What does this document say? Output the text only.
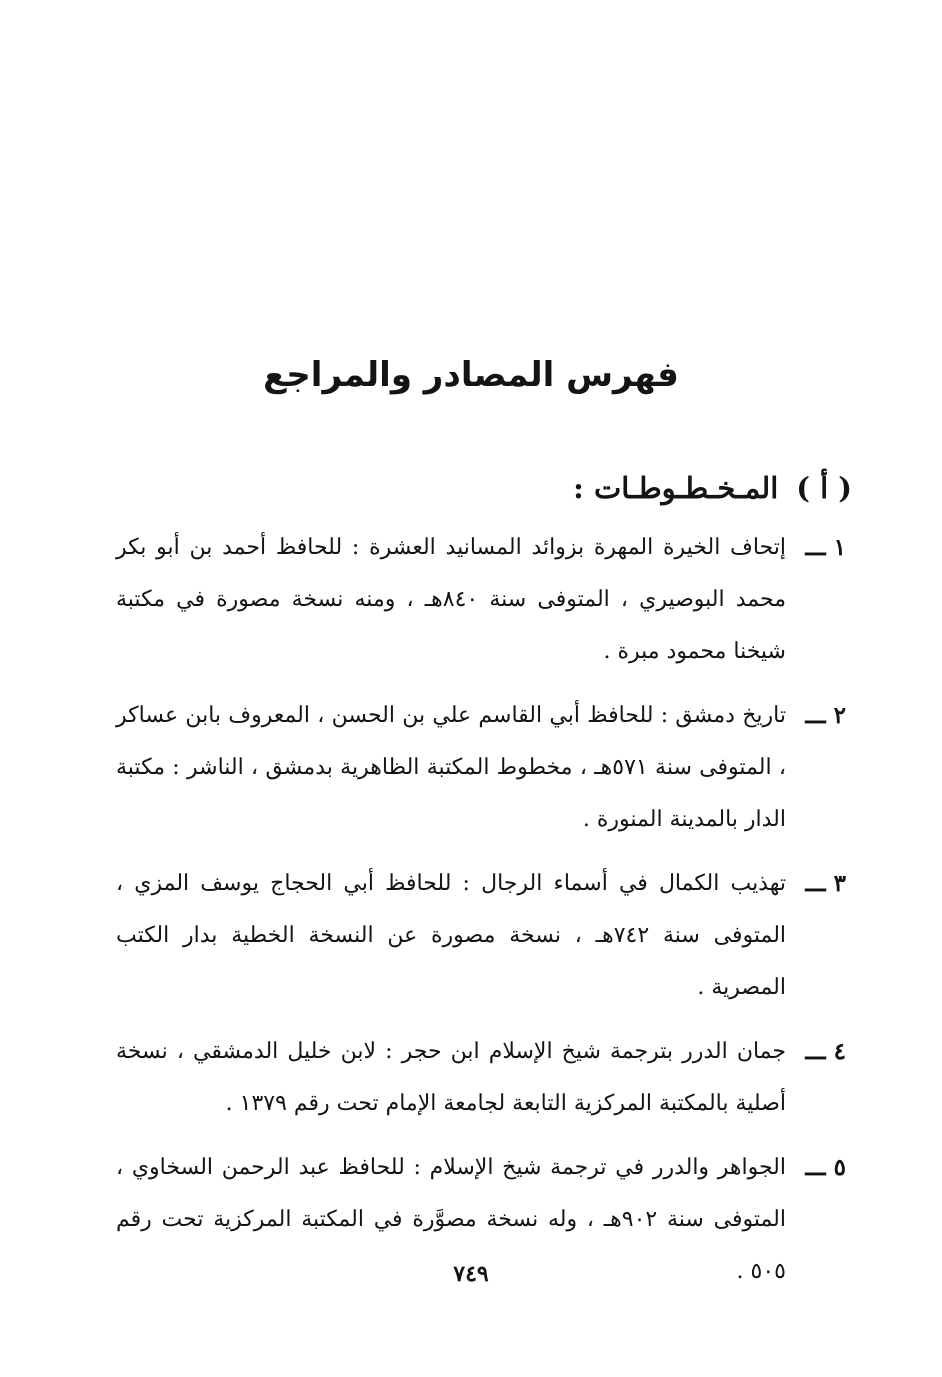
فهرس المصادر والمراجع
( أ )المـخـطـوطـات :
١ ـــ
إتحاف الخيرة المهرة بزوائد المسانيد العشرة : للحافظ أحمد بن أبو بكر محمد البوصيري ، المتوفى سنة ٨٤٠هـ ، ومنه نسخة مصورة في مكتبة شيخنا محمود مبرة .
٢ ـــ
تاريخ دمشق : للحافظ أبي القاسم علي بن الحسن ، المعروف بابن عساكر ، المتوفى سنة ٥٧١هـ ، مخطوط المكتبة الظاهرية بدمشق ، الناشر : مكتبة الدار بالمدينة المنورة .
٣ ـــ
تهذيب الكمال في أسماء الرجال : للحافظ أبي الحجاج يوسف المزي ، المتوفى سنة ٧٤٢هـ ، نسخة مصورة عن النسخة الخطية بدار الكتب المصرية .
٤ ـــ
جمان الدرر بترجمة شيخ الإسلام ابن حجر : لابن خليل الدمشقي ، نسخة أصلية بالمكتبة المركزية التابعة لجامعة الإمام تحت رقم ١٣٧٩ .
٥ ـــ
الجواهر والدرر في ترجمة شيخ الإسلام : للحافظ عبد الرحمن السخاوي ، المتوفى سنة ٩٠٢هـ ، وله نسخة مصوَّرة في المكتبة المركزية تحت رقم ٥٠٥ .
٧٤٩
